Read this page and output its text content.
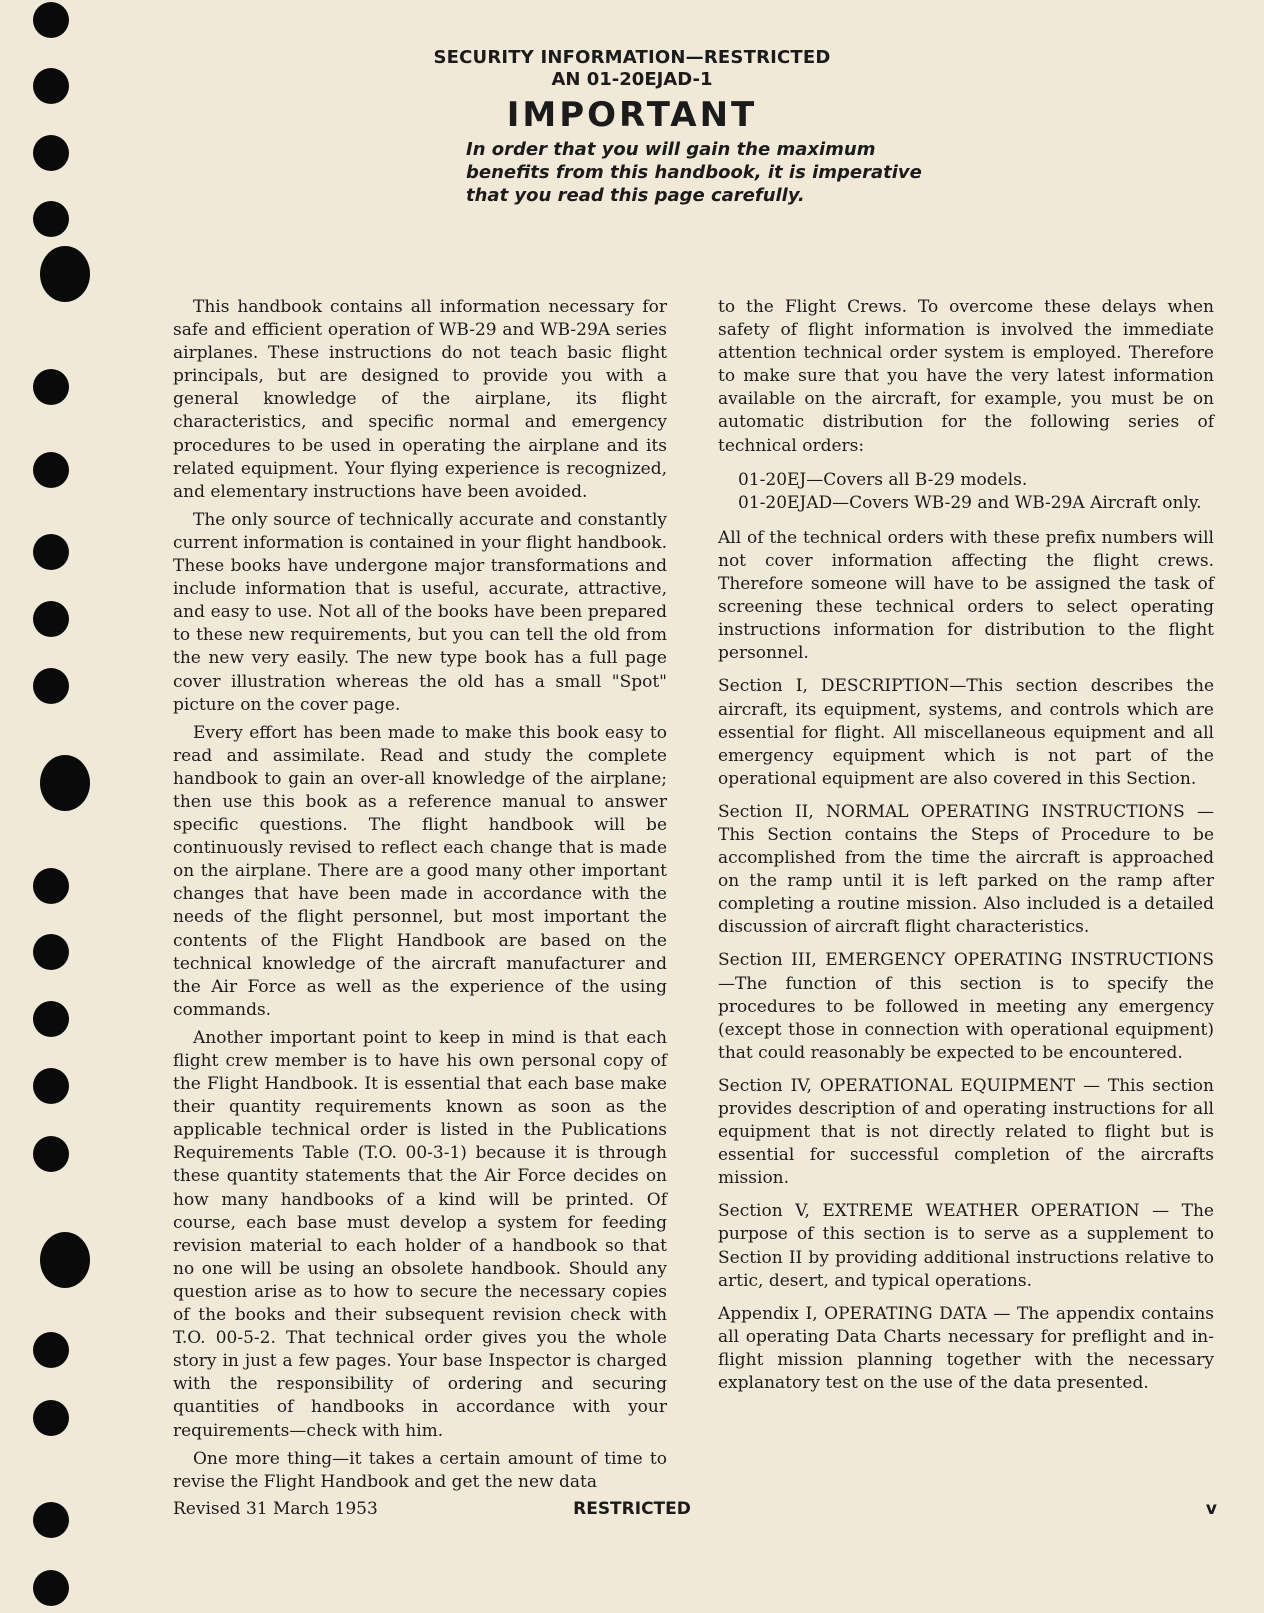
SECURITY INFORMATION—RESTRICTED
AN 01-20EJAD-1
IMPORTANT
In order that you will gain the maximum benefits from this handbook, it is imperative that you read this page carefully.

This handbook contains all information necessary for safe and efficient operation of WB-29 and WB-29A series airplanes. These instructions do not teach basic flight principals, but are designed to provide you with a general knowledge of the airplane, its flight characteristics, and specific normal and emergency procedures to be used in operating the airplane and its related equipment. Your flying experience is recognized, and elementary instructions have been avoided.

The only source of technically accurate and constantly current information is contained in your flight handbook. These books have undergone major transformations and include information that is useful, accurate, attractive, and easy to use. Not all of the books have been prepared to these new requirements, but you can tell the old from the new very easily. The new type book has a full page cover illustration whereas the old has a small "Spot" picture on the cover page.

Every effort has been made to make this book easy to read and assimilate. Read and study the complete handbook to gain an over-all knowledge of the airplane; then use this book as a reference manual to answer specific questions. The flight handbook will be continuously revised to reflect each change that is made on the airplane. There are a good many other important changes that have been made in accordance with the needs of the flight personnel, but most important the contents of the Flight Handbook are based on the technical knowledge of the aircraft manufacturer and the Air Force as well as the experience of the using commands.

Another important point to keep in mind is that each flight crew member is to have his own personal copy of the Flight Handbook. It is essential that each base make their quantity requirements known as soon as the applicable technical order is listed in the Publications Requirements Table (T.O. 00-3-1) because it is through these quantity statements that the Air Force decides on how many handbooks of a kind will be printed. Of course, each base must develop a system for feeding revision material to each holder of a handbook so that no one will be using an obsolete handbook. Should any question arise as to how to secure the necessary copies of the books and their subsequent revision check with T.O. 00-5-2. That technical order gives you the whole story in just a few pages. Your base Inspector is charged with the responsibility of ordering and securing quantities of handbooks in accordance with your requirements—check with him.

One more thing—it takes a certain amount of time to revise the Flight Handbook and get the new data

to the Flight Crews. To overcome these delays when safety of flight information is involved the immediate attention technical order system is employed. Therefore to make sure that you have the very latest information available on the aircraft, for example, you must be on automatic distribution for the following series of technical orders:

01-20EJ—Covers all B-29 models.
01-20EJAD—Covers WB-29 and WB-29A Aircraft only.

All of the technical orders with these prefix numbers will not cover information affecting the flight crews. Therefore someone will have to be assigned the task of screening these technical orders to select operating instructions information for distribution to the flight personnel.

Section I, DESCRIPTION—This section describes the aircraft, its equipment, systems, and controls which are essential for flight. All miscellaneous equipment and all emergency equipment which is not part of the operational equipment are also covered in this Section.

Section II, NORMAL OPERATING INSTRUCTIONS —This Section contains the Steps of Procedure to be accomplished from the time the aircraft is approached on the ramp until it is left parked on the ramp after completing a routine mission. Also included is a detailed discussion of aircraft flight characteristics.

Section III, EMERGENCY OPERATING INSTRUCTIONS—The function of this section is to specify the procedures to be followed in meeting any emergency (except those in connection with operational equipment) that could reasonably be expected to be encountered.

Section IV, OPERATIONAL EQUIPMENT — This section provides description of and operating instructions for all equipment that is not directly related to flight but is essential for successful completion of the aircrafts mission.

Section V, EXTREME WEATHER OPERATION — The purpose of this section is to serve as a supplement to Section II by providing additional instructions relative to artic, desert, and typical operations.

Appendix I, OPERATING DATA — The appendix contains all operating Data Charts necessary for preflight and in-flight mission planning together with the necessary explanatory test on the use of the data presented.

Revised 31 March 1953	RESTRICTED	v
